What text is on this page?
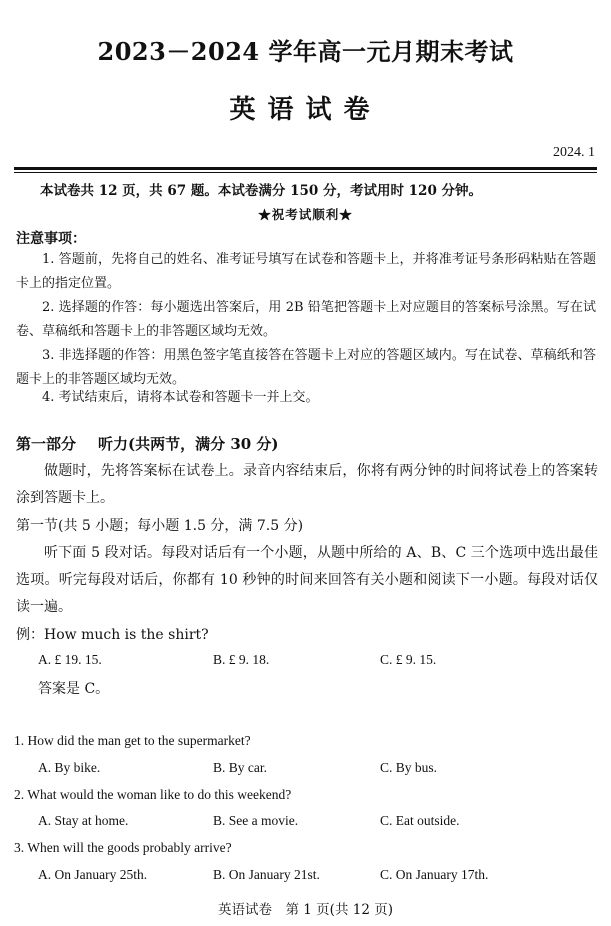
2023－2024 学年高一元月期末考试
英语试卷
2024. 1
本试卷共 12 页，共 67 题。本试卷满分 150 分，考试用时 120 分钟。
★祝考试顺利★
注意事项：
1. 答题前，先将自己的姓名、准考证号填写在试卷和答题卡上，并将准考证号条形码粘贴在答题卡上的指定位置。
2. 选择题的作答：每小题选出答案后，用 2B 铅笔把答题卡上对应题目的答案标号涂黑。写在试卷、草稿纸和答题卡上的非答题区域均无效。
3. 非选择题的作答：用黑色签字笔直接答在答题卡上对应的答题区域内。写在试卷、草稿纸和答题卡上的非答题区域均无效。
4. 考试结束后，请将本试卷和答题卡一并上交。
第一部分 听力(共两节，满分 30 分)
做题时，先将答案标在试卷上。录音内容结束后，你将有两分钟的时间将试卷上的答案转涂到答题卡上。
第一节(共 5 小题；每小题 1.5 分，满 7.5 分)
听下面 5 段对话。每段对话后有一个小题，从题中所给的 A、B、C 三个选项中选出最佳选项。听完每段对话后，你都有 10 秒钟的时间来回答有关小题和阅读下一小题。每段对话仅读一遍。
例：How much is the shirt?
A. £ 19. 15.	B. £ 9. 18.	C. £ 9. 15.
答案是 C。
1. How did the man get to the supermarket?
A. By bike.	B. By car.	C. By bus.
2. What would the woman like to do this weekend?
A. Stay at home.	B. See a movie.	C. Eat outside.
3. When will the goods probably arrive?
A. On January 25th.	B. On January 21st.	C. On January 17th.
英语试卷　第 1 页(共 12 页)
